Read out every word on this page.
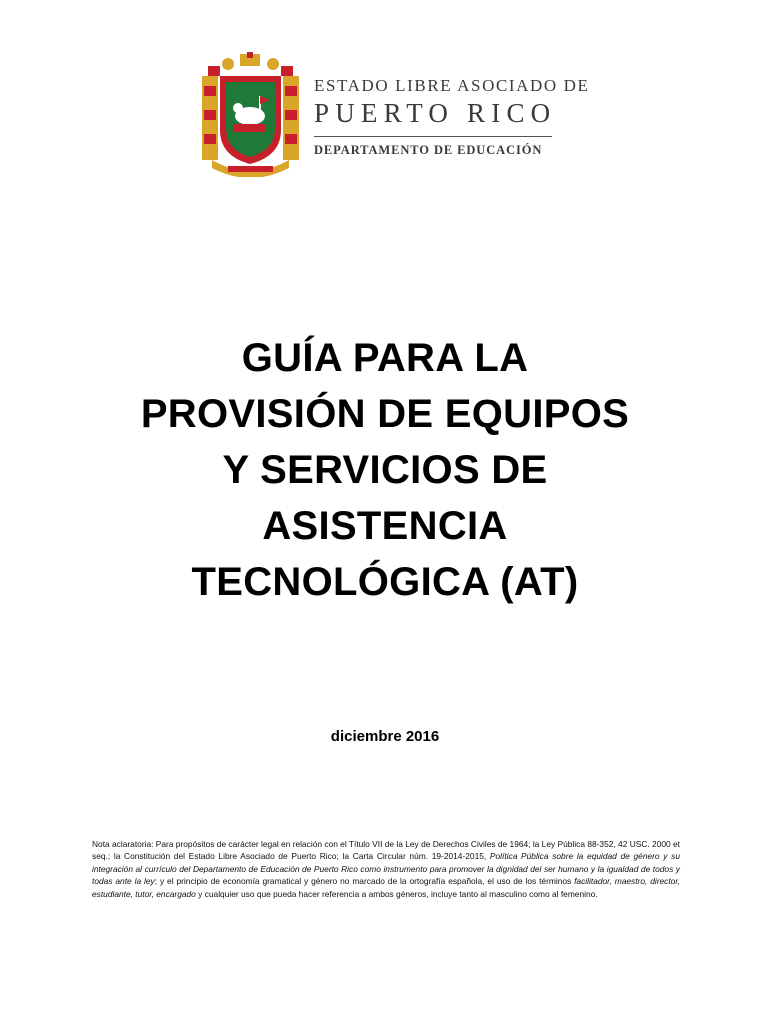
ESTADO LIBRE ASOCIADO DE
PUERTO RICO
DEPARTAMENTO DE EDUCACIÓN
GUÍA PARA LA
PROVISIÓN DE EQUIPOS
Y SERVICIOS DE
ASISTENCIA
TECNOLÓGICA (AT)
diciembre 2016
Nota aclaratoria: Para propósitos de carácter legal en relación con el Título VII de la Ley de Derechos Civiles de 1964; la Ley Pública 88-352, 42 USC. 2000 et seq.; la Constitución del Estado Libre Asociado de Puerto Rico; la Carta Circular núm. 19-2014-2015, Política Pública sobre la equidad de género y su integración al currículo del Departamento de Educación de Puerto Rico como instrumento para promover la dignidad del ser humano y la igualdad de todos y todas ante la ley; y el principio de economía gramatical y género no marcado de la ortografía española, el uso de los términos facilitador, maestro, director, estudiante, tutor, encargado y cualquier uso que pueda hacer referencia a ambos géneros, incluye tanto al masculino como al femenino.
